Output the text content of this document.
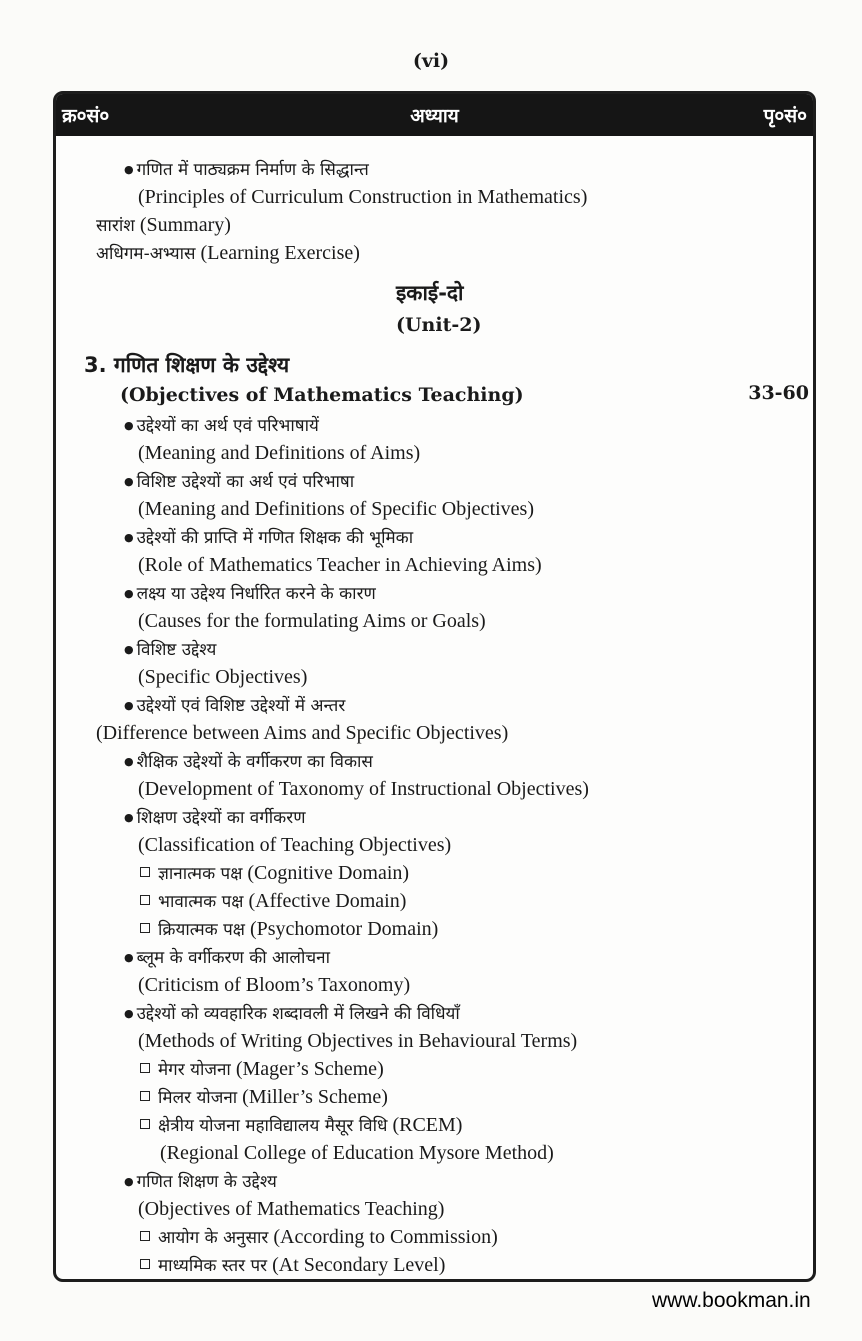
(vi)
अध्याय
क्र०सं०	पृ०सं०
● गणित में पाठ्यक्रम निर्माण के सिद्धान्त
(Principles of Curriculum Construction in Mathematics)
सारांश (Summary)
अधिगम-अभ्यास (Learning Exercise)
इकाई-दो
(Unit-2)
3. गणित शिक्षण के उद्देश्य
(Objectives of Mathematics Teaching)	33-60
● उद्देश्यों का अर्थ एवं परिभाषायें
(Meaning and Definitions of Aims)
● विशिष्ट उद्देश्यों का अर्थ एवं परिभाषा
(Meaning and Definitions of Specific Objectives)
● उद्देश्यों की प्राप्ति में गणित शिक्षक की भूमिका
(Role of Mathematics Teacher in Achieving Aims)
● लक्ष्य या उद्देश्य निर्धारित करने के कारण
(Causes for the formulating Aims or Goals)
● विशिष्ट उद्देश्य
(Specific Objectives)
● उद्देश्यों एवं विशिष्ट उद्देश्यों में अन्तर
(Difference between Aims and Specific Objectives)
● शैक्षिक उद्देश्यों के वर्गीकरण का विकास
(Development of Taxonomy of Instructional Objectives)
● शिक्षण उद्देश्यों का वर्गीकरण
(Classification of Teaching Objectives)
ज्ञानात्मक पक्ष (Cognitive Domain)
भावात्मक पक्ष (Affective Domain)
क्रियात्मक पक्ष (Psychomotor Domain)
● ब्लूम के वर्गीकरण की आलोचना
(Criticism of Bloom’s Taxonomy)
● उद्देश्यों को व्यवहारिक शब्दावली में लिखने की विधियाँ
(Methods of Writing Objectives in Behavioural Terms)
मेगर योजना (Mager’s Scheme)
मिलर योजना (Miller’s Scheme)
क्षेत्रीय योजना महाविद्यालय मैसूर विधि (RCEM)
(Regional College of Education Mysore Method)
● गणित शिक्षण के उद्देश्य
(Objectives of Mathematics Teaching)
आयोग के अनुसार (According to Commission)
माध्यमिक स्तर पर (At Secondary Level)
www.bookman.in
